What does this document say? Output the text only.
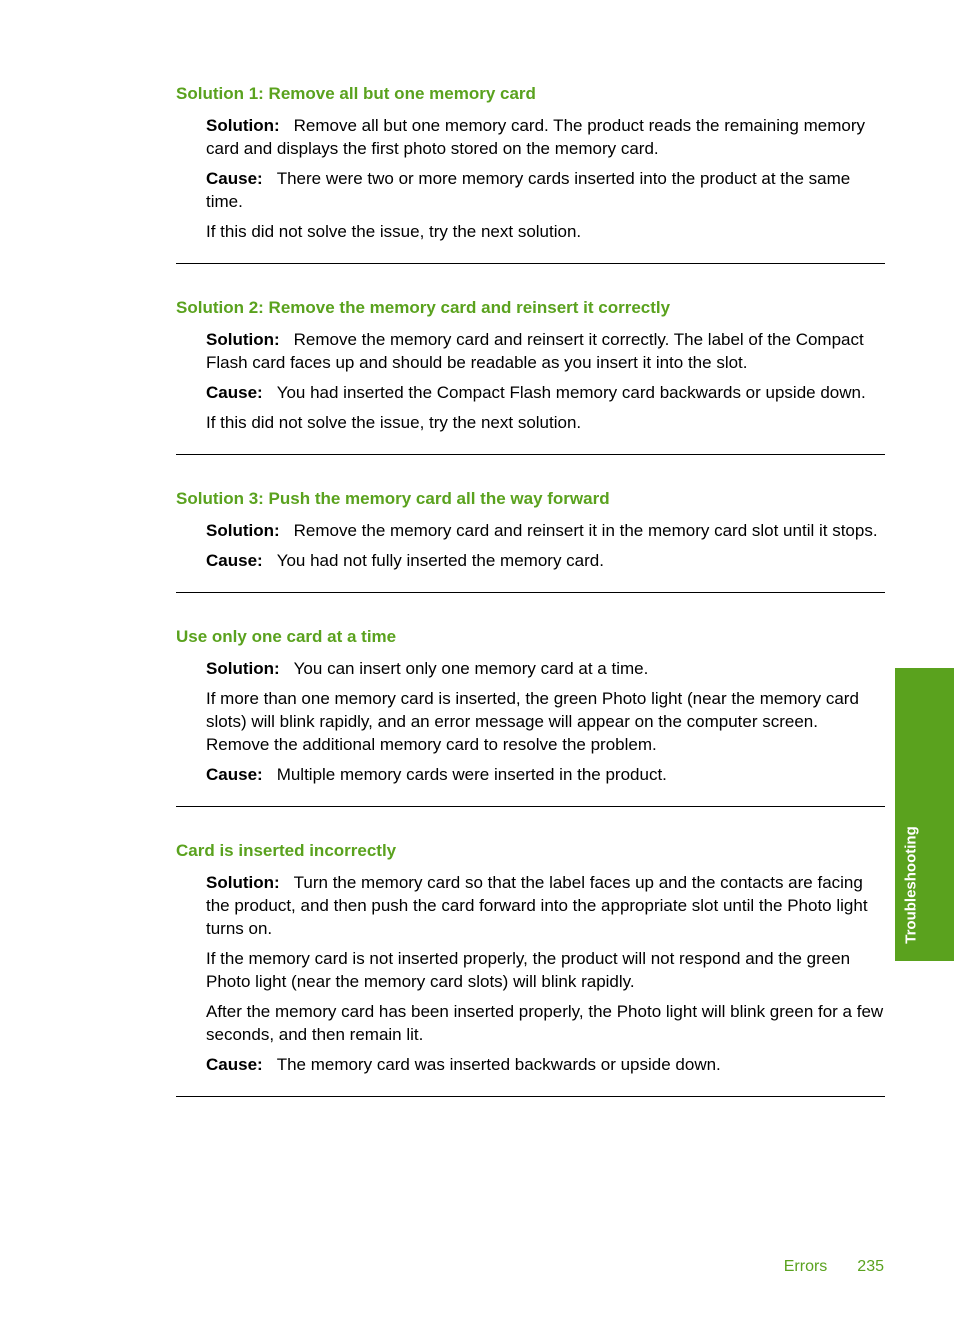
Solution 1: Remove all but one memory card

Solution: Remove all but one memory card. The product reads the remaining memory card and displays the first photo stored on the memory card.

Cause: There were two or more memory cards inserted into the product at the same time.

If this did not solve the issue, try the next solution.

Solution 2: Remove the memory card and reinsert it correctly

Solution: Remove the memory card and reinsert it correctly. The label of the Compact Flash card faces up and should be readable as you insert it into the slot.

Cause: You had inserted the Compact Flash memory card backwards or upside down.

If this did not solve the issue, try the next solution.

Solution 3: Push the memory card all the way forward

Solution: Remove the memory card and reinsert it in the memory card slot until it stops.

Cause: You had not fully inserted the memory card.

Use only one card at a time

Solution: You can insert only one memory card at a time.

If more than one memory card is inserted, the green Photo light (near the memory card slots) will blink rapidly, and an error message will appear on the computer screen. Remove the additional memory card to resolve the problem.

Cause: Multiple memory cards were inserted in the product.

Card is inserted incorrectly

Solution: Turn the memory card so that the label faces up and the contacts are facing the product, and then push the card forward into the appropriate slot until the Photo light turns on.

If the memory card is not inserted properly, the product will not respond and the green Photo light (near the memory card slots) will blink rapidly.

After the memory card has been inserted properly, the Photo light will blink green for a few seconds, and then remain lit.

Cause: The memory card was inserted backwards or upside down.

Troubleshooting
Errors 235
